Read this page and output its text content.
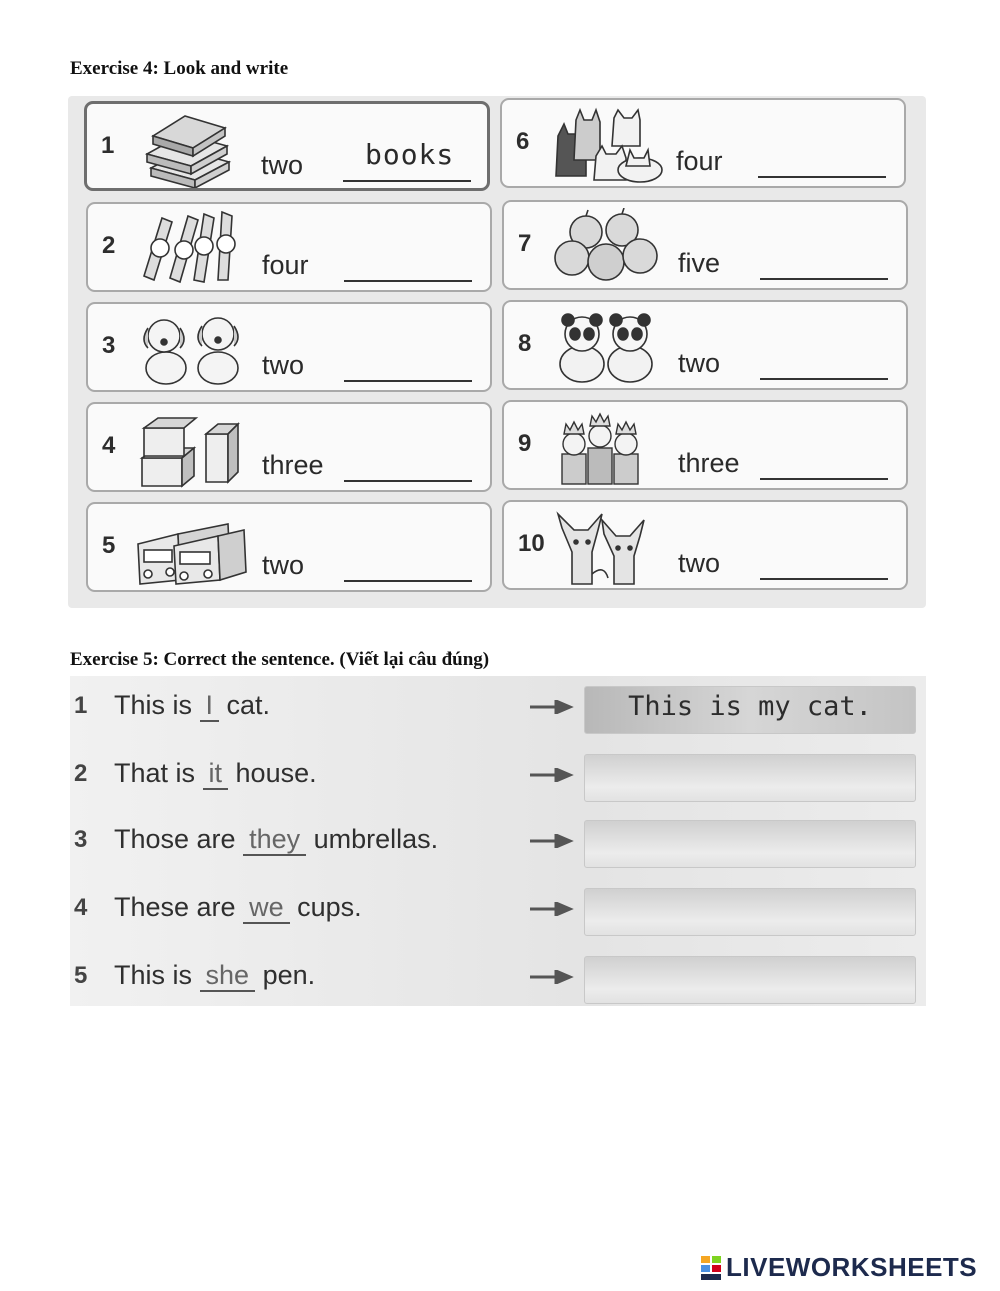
Exercise 4: Look and write
1
two books
2
four
3
two
4
three
5
two
6
four
7
five
8
two
9
three
10
two
Exercise 5: Correct the sentence. (Viết lại câu đúng)
1 This is I cat.	This is my cat.
2 That is it house.
3 Those are they umbrellas.
4 These are we cups.
5 This is she pen.
LIVEWORKSHEETS
